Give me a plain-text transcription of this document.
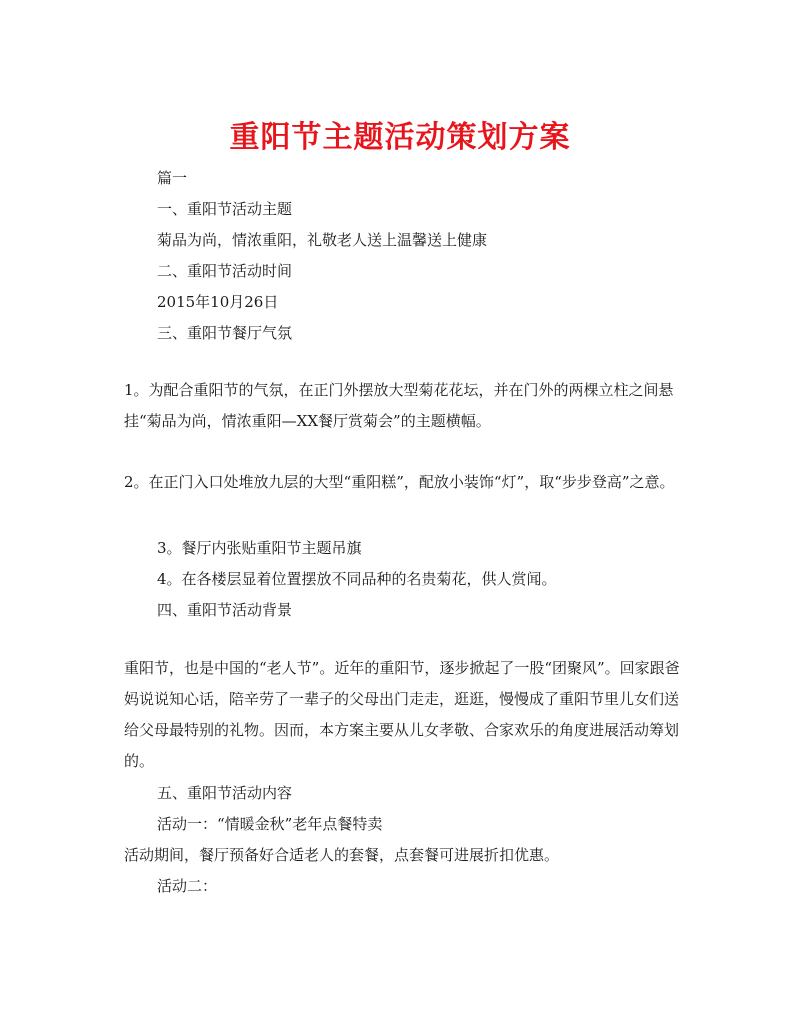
重阳节主题活动策划方案
篇一
一、重阳节活动主题
菊品为尚，情浓重阳，礼敬老人送上温馨送上健康
二、重阳节活动时间
2015年10月26日
三、重阳节餐厅气氛
1。为配合重阳节的气氛，在正门外摆放大型菊花花坛，并在门外的两棵立柱之间悬挂“菊品为尚，情浓重阳—XX餐厅赏菊会”的主题横幅。
2。在正门入口处堆放九层的大型“重阳糕”，配放小装饰“灯”，取“步步登高”之意。
3。餐厅内张贴重阳节主题吊旗
4。在各楼层显着位置摆放不同品种的名贵菊花，供人赏闻。
四、重阳节活动背景
重阳节，也是中国的“老人节”。近年的重阳节，逐步掀起了一股“团聚风”。回家跟爸妈说说知心话，陪辛劳了一辈子的父母出门走走，逛逛，慢慢成了重阳节里儿女们送给父母最特别的礼物。因而，本方案主要从儿女孝敬、合家欢乐的角度进展活动筹划的。
五、重阳节活动内容
活动一：“情暖金秋”老年点餐特卖
活动期间，餐厅预备好合适老人的套餐，点套餐可进展折扣优惠。
活动二：
